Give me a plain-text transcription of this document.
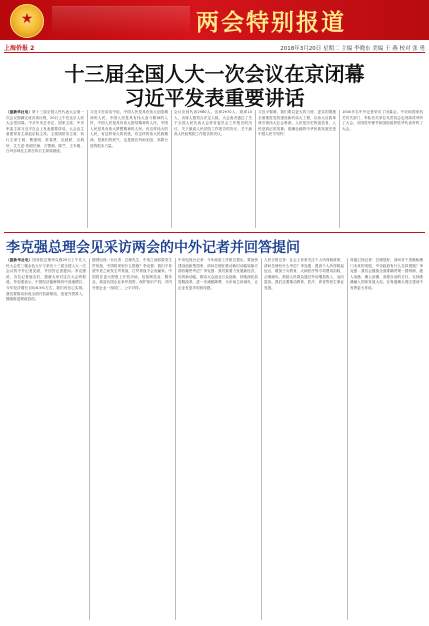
★	两会特别报道
上海侨报 2	2018年3月20日 星期二 主编 李晓东 美编 王 燕 校对 张 勇
十三届全国人大一次会议在京闭幕
习近平发表重要讲话
（据新华社电）第十三届全国人民代表大会第一次会议圆满完成各项议程，20日上午在北京人民大会堂闭幕。中共中央总书记、国家主席、中央军委主席习近平在会上发表重要讲话。大会由主席团常务主席赵乐际主持。主席团常务主席、执行主席王晨、曹建明、张春贤、沈跃跃、吉炳轩、艾力更·依明巴海、万鄂湘、陈竺、王东明、白玛赤林在主席台执行主席席就座。
习近平在讲话中说，中国人民是具有伟大创造精神的人民，中国人民是具有伟大奋斗精神的人民，中国人民是具有伟大团结精神的人民，中国人民是具有伟大梦想精神的人民。有这样伟大的人民，有这样伟大的民族，有这样的伟大民族精神，是我们的底气，也是我们风雨无阻、高歌行进的根本力量。
会议应到代表2980人，出席2970人，缺席10人，出席人数符合法定人数。大会表决通过了关于全国人民代表大会常务委员会工作报告的决议、关于最高人民法院工作报告的决议、关于最高人民检察院工作报告的决议。
习近平强调，我们要以更大的力度、更实的措施全面推进党的建设新的伟大工程，以伟大自我革命引领伟大社会革命。人民是历史的创造者，人民是真正的英雄。波澜壮阔的中华民族发展史是中国人民书写的！
1000多名中外记者采访了闭幕会。中央和国家机关有关部门、军队有关单位负责同志也列席或旁听了大会。各国驻华使节和国际组织驻华代表旁听了大会。
李克强总理会见采访两会的中外记者并回答提问
（据新华社电）国务院总理李克强20日上午在人民大会堂三楼金色大厅与采访十三届全国人大一次会议的中外记者见面，并回答记者提问。李克强说，各位记者朋友们，感谢大家对这次大会的报道。李克强表示，中国经济能够保持中高速增长，今年经济增长目标6.5%左右，我们有信心实现。我们要推动形成全面开放新格局，放宽外资准入，继续推进简政放权。
德国电视一台记者：总理先生，中美之间如果发生贸易战，中国将采取什么措施？李克强：我们不希望中美之间发生贸易战，打贸易战不会有赢家。中国将在更大程度上开放市场，包括制造业、服务业，欢迎各国企业来华投资，保护知识产权，对内外资企业一视同仁，公平对待。
中央电视台记者：今年政府工作报告提出，要加快建设创新型国家，请问总理在推动新旧动能转换方面有哪些考虑？李克强：我们要着力发展新经济，培育新动能，推动大众创业万众创新，持续深化放管服改革，进一步减税降费，为市场主体减负，让企业有更多的获得感。
人民日报记者：社会上非常关注个人所得税改革，请问总理有什么考虑？李克强：提高个人所得税起征点，增加子女教育、大病医疗等专项费用扣除，合理减负，鼓励人民群众通过劳动增加收入、迈向富裕。我们还要推动教育、医疗、养老等民生事业发展。
凤凰卫视记者：总理您好，请问对于香港和澳门未来的发展，中央政府有什么支持措施？李克强：我们会继续全面准确贯彻一国两制、港人治港、澳人治澳、高度自治的方针，支持港澳融入国家发展大局，在粤港澳大湾区建设中发挥更大作用。
